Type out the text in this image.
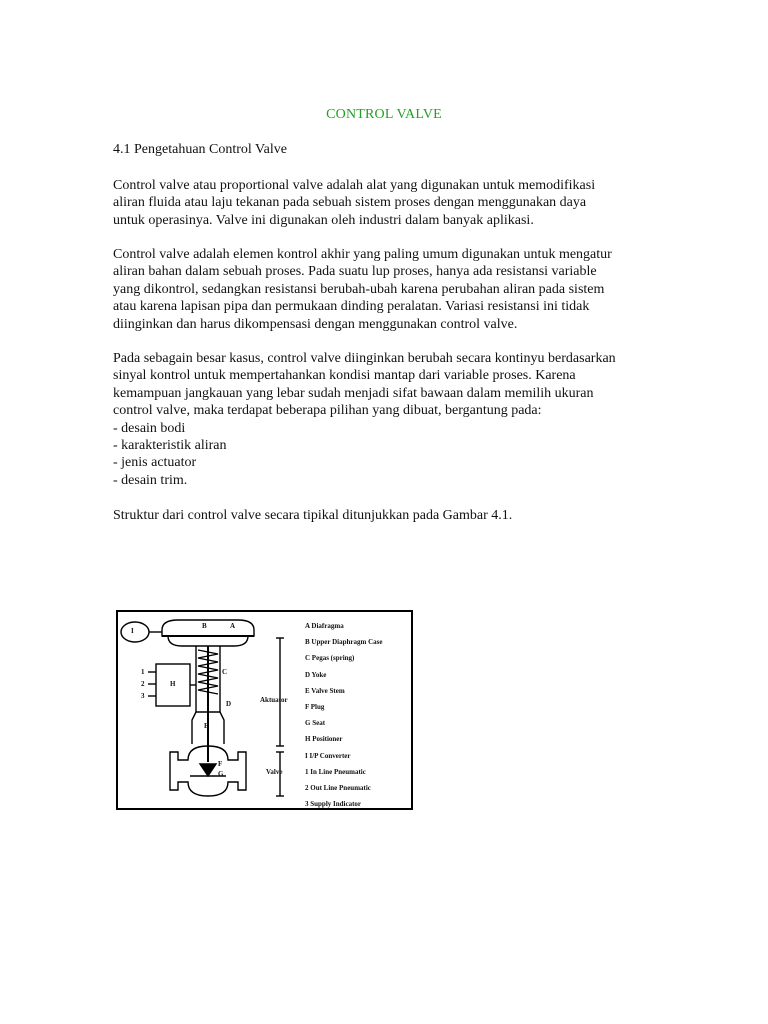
CONTROL VALVE
4.1 Pengetahuan Control Valve
Control valve atau proportional valve adalah alat yang digunakan untuk memodifikasi
aliran fluida atau laju tekanan pada sebuah sistem proses dengan menggunakan daya
untuk operasinya. Valve ini digunakan oleh industri dalam banyak aplikasi.
Control valve adalah elemen kontrol akhir yang paling umum digunakan untuk mengatur
aliran bahan dalam sebuah proses. Pada suatu lup proses, hanya ada resistansi variable
yang dikontrol, sedangkan resistansi berubah-ubah karena perubahan aliran pada sistem
atau karena lapisan pipa dan permukaan dinding peralatan. Variasi resistansi ini tidak
diinginkan dan harus dikompensasi dengan menggunakan control valve.
Pada sebagain besar kasus, control valve diinginkan berubah secara kontinyu berdasarkan
sinyal kontrol untuk mempertahankan kondisi mantap dari variable proses. Karena
kemampuan jangkauan yang lebar sudah menjadi sifat bawaan dalam memilih ukuran
control valve, maka terdapat beberapa pilihan yang dibuat, bergantung pada:
- desain bodi
- karakteristik aliran
- jenis actuator
- desain trim.
Struktur dari control valve secara tipikal ditunjukkan pada Gambar 4.1.
I
B	A
C
D
E
F
G
H
1
2
3	Aktuator
Valve
A Diafragma
B Upper Diaphragm Case
C Pegas (spring)
D Yoke
E Valve Stem
F Plug
G Seat
H Positioner
I I/P Converter
1 In Line Pneumatic
2 Out Line Pneumatic
3 Supply Indicator
